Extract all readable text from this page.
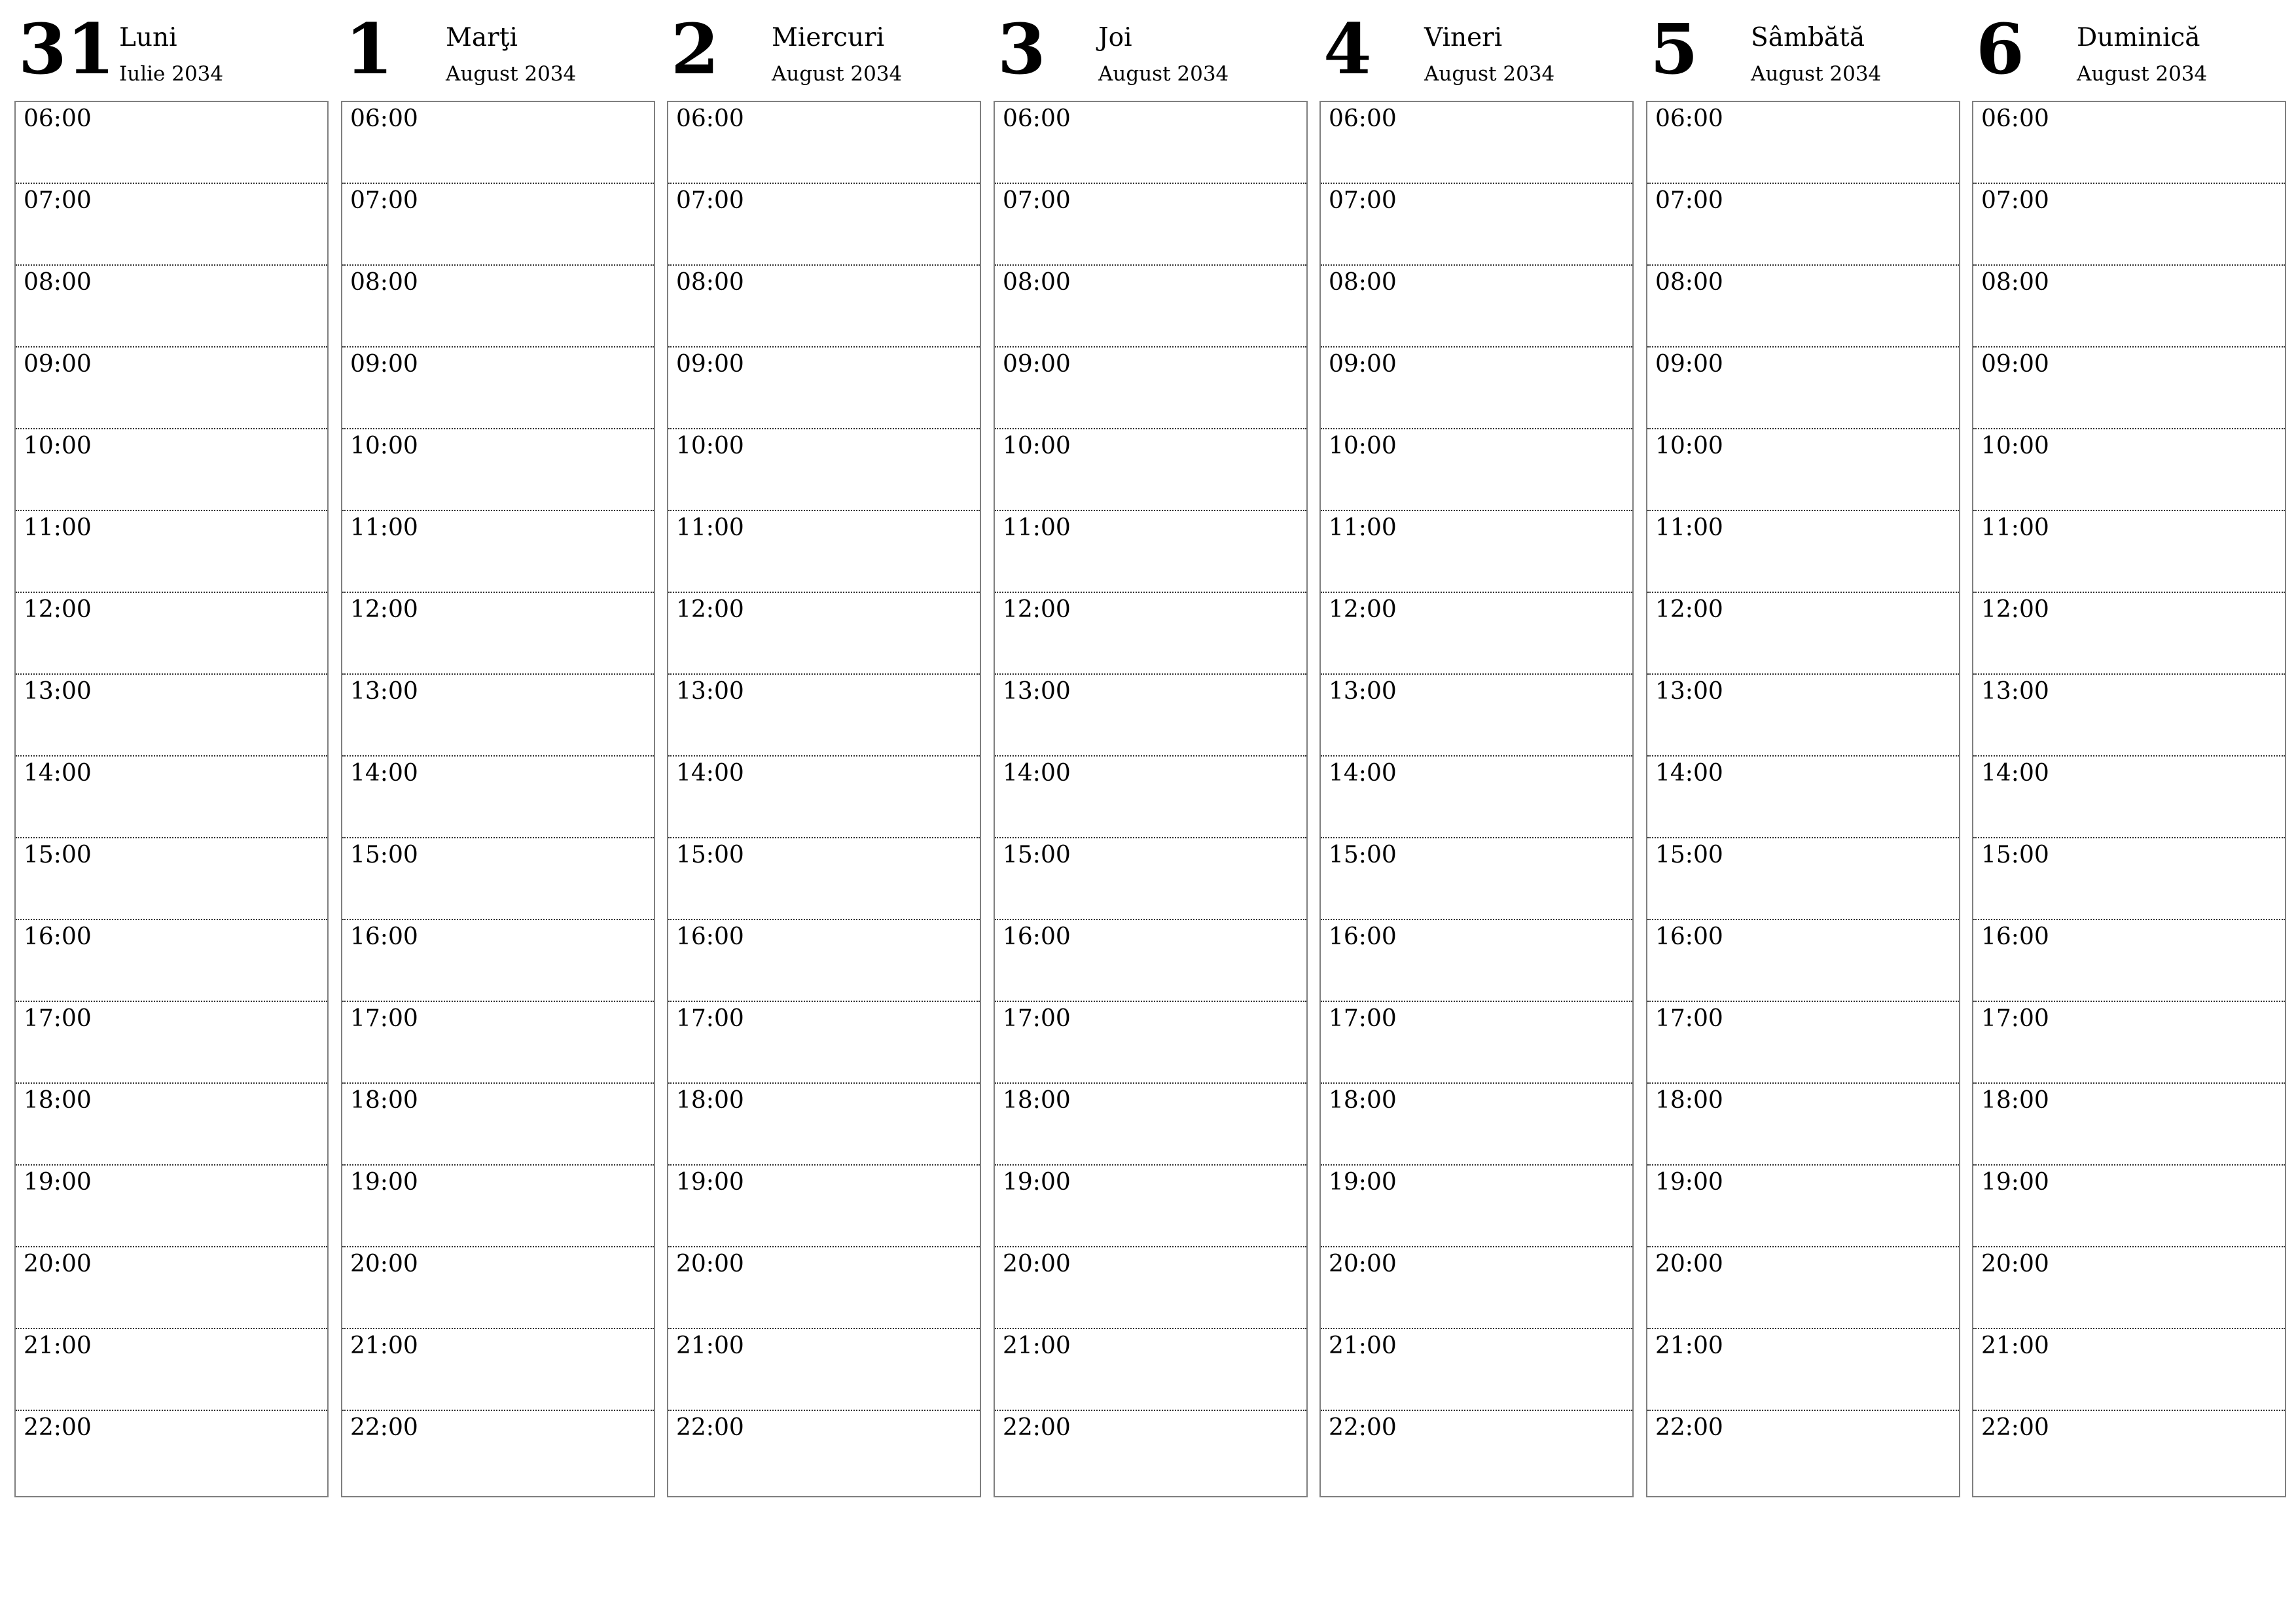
31 Luni
Iulie 2034
06:00
07:00
08:00
09:00
10:00
11:00
12:00
13:00
14:00
15:00
16:00
17:00
18:00
19:00
20:00
21:00
22:00
1 Marţi
August 2034
06:00
07:00
08:00
09:00
10:00
11:00
12:00
13:00
14:00
15:00
16:00
17:00
18:00
19:00
20:00
21:00
22:00
2 Miercuri
August 2034
06:00
07:00
08:00
09:00
10:00
11:00
12:00
13:00
14:00
15:00
16:00
17:00
18:00
19:00
20:00
21:00
22:00
3 Joi
August 2034
06:00
07:00
08:00
09:00
10:00
11:00
12:00
13:00
14:00
15:00
16:00
17:00
18:00
19:00
20:00
21:00
22:00
4 Vineri
August 2034
06:00
07:00
08:00
09:00
10:00
11:00
12:00
13:00
14:00
15:00
16:00
17:00
18:00
19:00
20:00
21:00
22:00
5 Sâmbătă
August 2034
06:00
07:00
08:00
09:00
10:00
11:00
12:00
13:00
14:00
15:00
16:00
17:00
18:00
19:00
20:00
21:00
22:00
6 Duminică
August 2034
06:00
07:00
08:00
09:00
10:00
11:00
12:00
13:00
14:00
15:00
16:00
17:00
18:00
19:00
20:00
21:00
22:00
